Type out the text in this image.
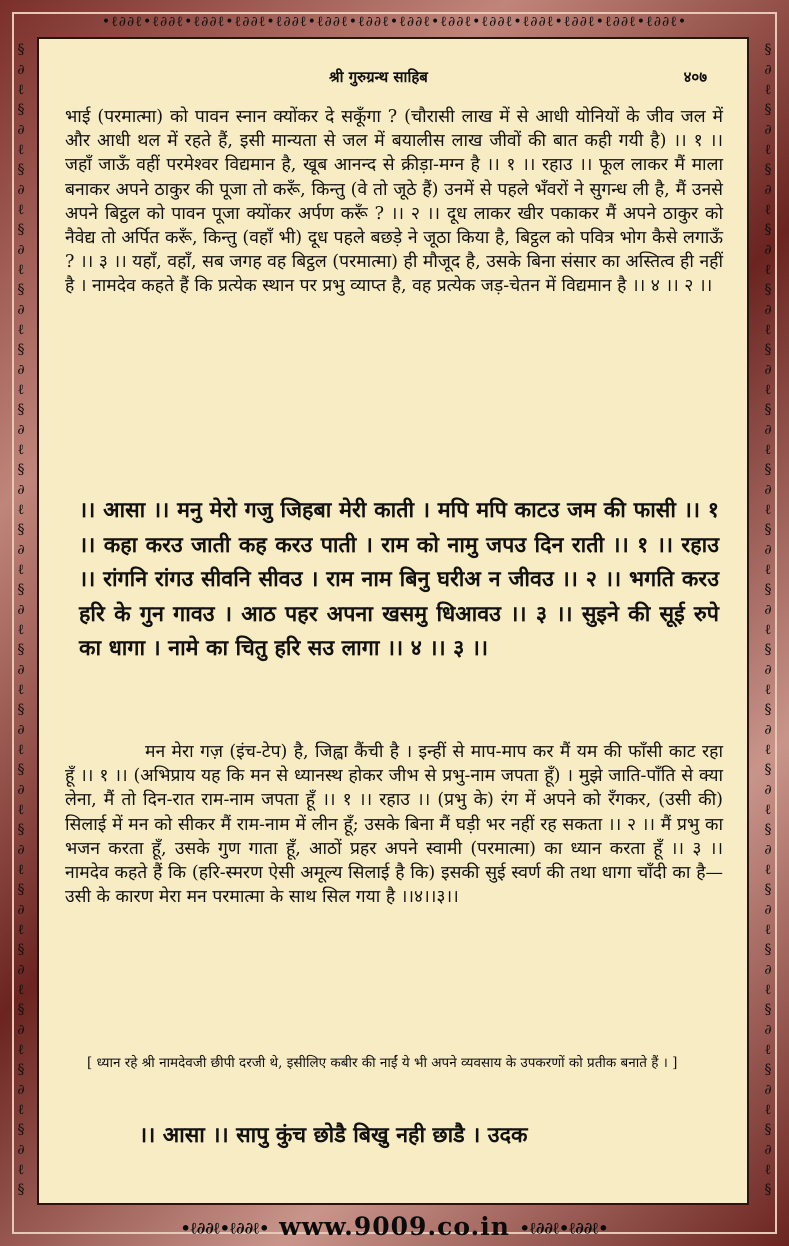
•ℓ∂∂ℓ•ℓ∂∂ℓ•ℓ∂∂ℓ•ℓ∂∂ℓ•ℓ∂∂ℓ•ℓ∂∂ℓ•ℓ∂∂ℓ•ℓ∂∂ℓ•ℓ∂∂ℓ•ℓ∂∂ℓ•ℓ∂∂ℓ•ℓ∂∂ℓ•ℓ∂∂ℓ•ℓ∂∂ℓ•
§
∂
ℓ
§
∂
ℓ
§
∂
ℓ
§
∂
ℓ
§
∂
ℓ
§
∂
ℓ
§
∂
ℓ
§
∂
ℓ
§
∂
ℓ
§
∂
ℓ
§
∂
ℓ
§
∂
ℓ
§
∂
ℓ
§
∂
ℓ
§
∂
ℓ
§
∂
ℓ
§
∂
ℓ
§
∂
ℓ
§
∂
ℓ
§
§
∂
ℓ
§
∂
ℓ
§
∂
ℓ
§
∂
ℓ
§
∂
ℓ
§
∂
ℓ
§
∂
ℓ
§
∂
ℓ
§
∂
ℓ
§
∂
ℓ
§
∂
ℓ
§
∂
ℓ
§
∂
ℓ
§
∂
ℓ
§
∂
ℓ
§
∂
ℓ
§
∂
ℓ
§
∂
ℓ
§
∂
ℓ
§
श्री गुरुग्रन्थ साहिब	४०७

भाई (परमात्मा) को पावन स्नान क्योंकर दे सकूँगा ? (चौरासी लाख में से आधी योनियों के जीव जल में और आधी थल में रहते हैं, इसी मान्यता से जल में बयालीस लाख जीवों की बात कही गयी है) ।। १ ।। जहाँ जाऊँ वहीं परमेश्वर विद्यमान है, खूब आनन्द से क्रीड़ा-मग्न है ।। १ ।। रहाउ ।। फूल लाकर मैं माला बनाकर अपने ठाकुर की पूजा तो करूँ, किन्तु (वे तो जूठे हैं) उनमें से पहले भँवरों ने सुगन्ध ली है, मैं उनसे अपने बिट्ठल को पावन पूजा क्योंकर अर्पण करूँ ? ।। २ ।। दूध लाकर खीर पकाकर मैं अपने ठाकुर को नैवेद्य तो अर्पित करूँ, किन्तु (वहाँ भी) दूध पहले बछड़े ने जूठा किया है, बिट्ठल को पवित्र भोग कैसे लगाऊँ ? ।। ३ ।। यहाँ, वहाँ, सब जगह वह बिट्ठल (परमात्मा) ही मौजूद है, उसके बिना संसार का अस्तित्व ही नहीं है । नामदेव कहते हैं कि प्रत्येक स्थान पर प्रभु व्याप्त है, वह प्रत्येक जड़-चेतन में विद्यमान है ।। ४ ।। २ ।।

।। आसा ।। मनु मेरो गजु जिहबा मेरी काती । मपि मपि काटउ जम की फासी ।। १ ।। कहा करउ जाती कह करउ पाती । राम को नामु जपउ दिन राती ।। १ ।। रहाउ ।। रांगनि रांगउ सीवनि सीवउ । राम नाम बिनु घरीअ न जीवउ ।। २ ।। भगति करउ हरि के गुन गावउ । आठ पहर अपना खसमु धिआवउ ।। ३ ।। सुइने की सूई रुपे का धागा । नामे का चितु हरि सउ लागा ।। ४ ।। ३ ।।

मन मेरा गज़ (इंच-टेप) है, जिह्वा कैंची है । इन्हीं से माप-माप कर मैं यम की फाँसी काट रहा हूँ ।। १ ।। (अभिप्राय यह कि मन से ध्यानस्थ होकर जीभ से प्रभु-नाम जपता हूँ) । मुझे जाति-पाँति से क्या लेना, मैं तो दिन-रात राम-नाम जपता हूँ ।। १ ।। रहाउ ।। (प्रभु के) रंग में अपने को रँगकर, (उसी की) सिलाई में मन को सीकर मैं राम-नाम में लीन हूँ; उसके बिना मैं घड़ी भर नहीं रह सकता ।। २ ।। मैं प्रभु का भजन करता हूँ, उसके गुण गाता हूँ, आठों प्रहर अपने स्वामी (परमात्मा) का ध्यान करता हूँ ।। ३ ।। नामदेव कहते हैं कि (हरि-स्मरण ऐसी अमूल्य सिलाई है कि) इसकी सुई स्वर्ण की तथा धागा चाँदी का है— उसी के कारण मेरा मन परमात्मा के साथ सिल गया है ।।४।।३।।

[ ध्यान रहे श्री नामदेवजी छीपी दरजी थे, इसीलिए कबीर की नाईं ये भी अपने व्यवसाय के उपकरणों को प्रतीक बनाते हैं । ]

।। आसा ।। सापु कुंच छोडै बिखु नही छाडै । उदक

•ℓ∂∂ℓ•ℓ∂∂ℓ• www.9009.co.in •ℓ∂∂ℓ•ℓ∂∂ℓ•
